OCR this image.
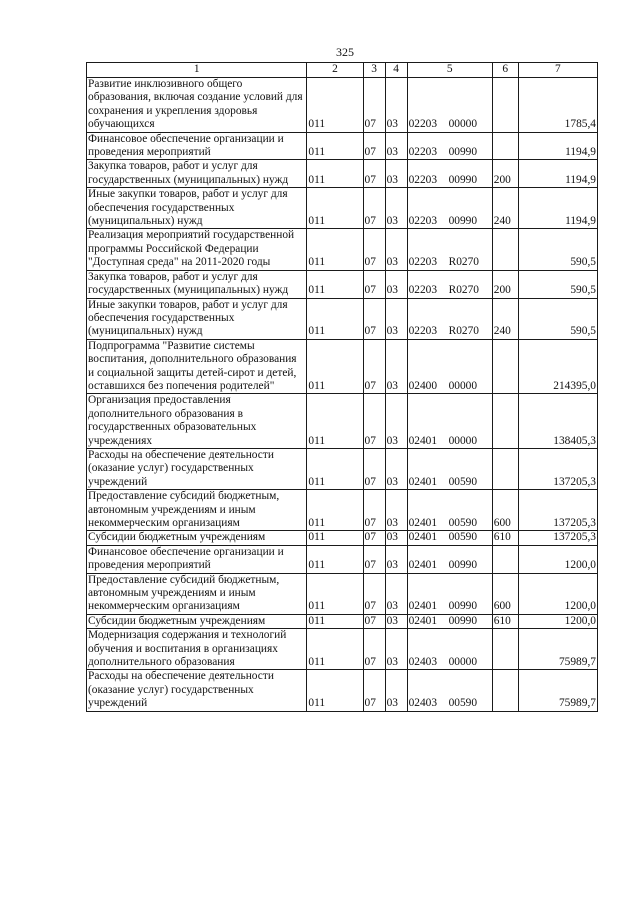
325
1	2	3	4	5	6	7
Развитие инклюзивного общего образования, включая создание условий для сохранения и укрепления здоровья обучающихся	011	07	03	02203 00000		1785,4
Финансовое обеспечение организации и проведения мероприятий	011	07	03	02203 00990		1194,9
Закупка товаров, работ и услуг для государственных (муниципальных) нужд	011	07	03	02203 00990	200	1194,9
Иные закупки товаров, работ и услуг для обеспечения государственных (муниципальных) нужд	011	07	03	02203 00990	240	1194,9
Реализация мероприятий государственной программы Российской Федерации "Доступная среда" на 2011-2020 годы	011	07	03	02203 R0270		590,5
Закупка товаров, работ и услуг для государственных (муниципальных) нужд	011	07	03	02203 R0270	200	590,5
Иные закупки товаров, работ и услуг для обеспечения государственных (муниципальных) нужд	011	07	03	02203 R0270	240	590,5
Подпрограмма "Развитие системы воспитания, дополнительного образования и социальной защиты детей-сирот и детей, оставшихся без попечения родителей"	011	07	03	02400 00000		214395,0
Организация предоставления дополнительного образования в государственных образовательных учреждениях	011	07	03	02401 00000		138405,3
Расходы на обеспечение деятельности (оказание услуг) государственных учреждений	011	07	03	02401 00590		137205,3
Предоставление субсидий бюджетным, автономным учреждениям и иным некоммерческим организациям	011	07	03	02401 00590	600	137205,3
Субсидии бюджетным учреждениям	011	07	03	02401 00590	610	137205,3
Финансовое обеспечение организации и проведения мероприятий	011	07	03	02401 00990		1200,0
Предоставление субсидий бюджетным, автономным учреждениям и иным некоммерческим организациям	011	07	03	02401 00990	600	1200,0
Субсидии бюджетным учреждениям	011	07	03	02401 00990	610	1200,0
Модернизация содержания и технологий обучения и воспитания в организациях дополнительного образования	011	07	03	02403 00000		75989,7
Расходы на обеспечение деятельности (оказание услуг) государственных учреждений	011	07	03	02403 00590		75989,7
